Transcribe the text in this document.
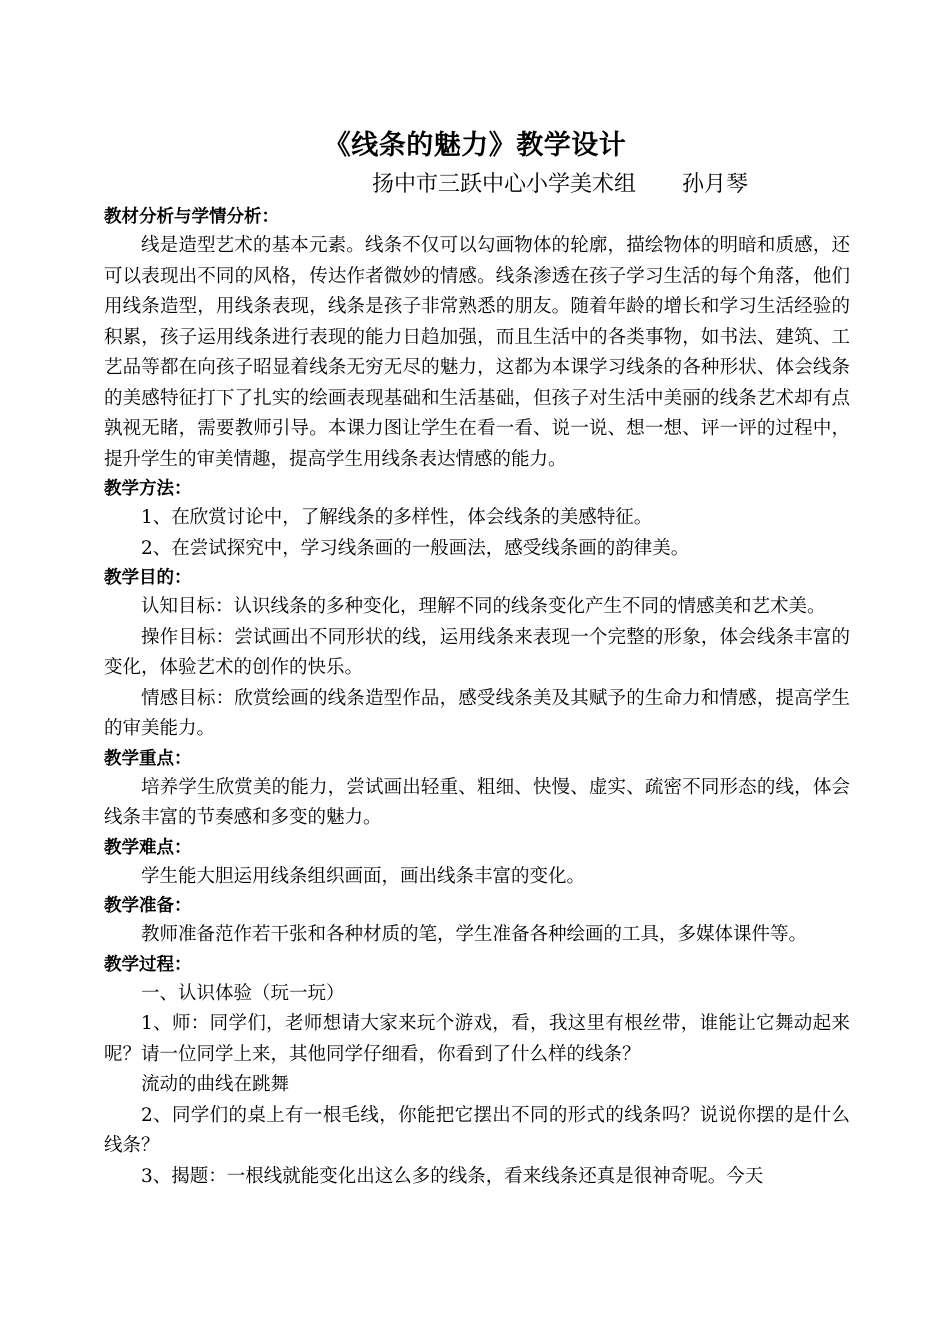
《线条的魅力》教学设计
扬中市三跃中心小学美术组 孙月琴
教材分析与学情分析：
线是造型艺术的基本元素。线条不仅可以勾画物体的轮廓，描绘物体的明暗和质感，还可以表现出不同的风格，传达作者微妙的情感。线条渗透在孩子学习生活的每个角落，他们用线条造型，用线条表现，线条是孩子非常熟悉的朋友。随着年龄的增长和学习生活经验的积累，孩子运用线条进行表现的能力日趋加强，而且生活中的各类事物，如书法、建筑、工艺品等都在向孩子昭显着线条无穷无尽的魅力，这都为本课学习线条的各种形状、体会线条的美感特征打下了扎实的绘画表现基础和生活基础，但孩子对生活中美丽的线条艺术却有点孰视无睹，需要教师引导。本课力图让学生在看一看、说一说、想一想、评一评的过程中，提升学生的审美情趣，提高学生用线条表达情感的能力。
教学方法：
1、在欣赏讨论中，了解线条的多样性，体会线条的美感特征。
2、在尝试探究中，学习线条画的一般画法，感受线条画的韵律美。
教学目的：
认知目标：认识线条的多种变化，理解不同的线条变化产生不同的情感美和艺术美。
操作目标：尝试画出不同形状的线，运用线条来表现一个完整的形象，体会线条丰富的变化，体验艺术的创作的快乐。
情感目标：欣赏绘画的线条造型作品，感受线条美及其赋予的生命力和情感，提高学生的审美能力。
教学重点：
培养学生欣赏美的能力，尝试画出轻重、粗细、快慢、虚实、疏密不同形态的线，体会线条丰富的节奏感和多变的魅力。
教学难点：
学生能大胆运用线条组织画面，画出线条丰富的变化。
教学准备：
教师准备范作若干张和各种材质的笔，学生准备各种绘画的工具，多媒体课件等。
教学过程：
一、认识体验（玩一玩）
1、师：同学们，老师想请大家来玩个游戏，看，我这里有根丝带，谁能让它舞动起来呢？请一位同学上来，其他同学仔细看，你看到了什么样的线条？
流动的曲线在跳舞
2、同学们的桌上有一根毛线，你能把它摆出不同的形式的线条吗？说说你摆的是什么线条？
3、揭题：一根线就能变化出这么多的线条，看来线条还真是很神奇呢。今天
